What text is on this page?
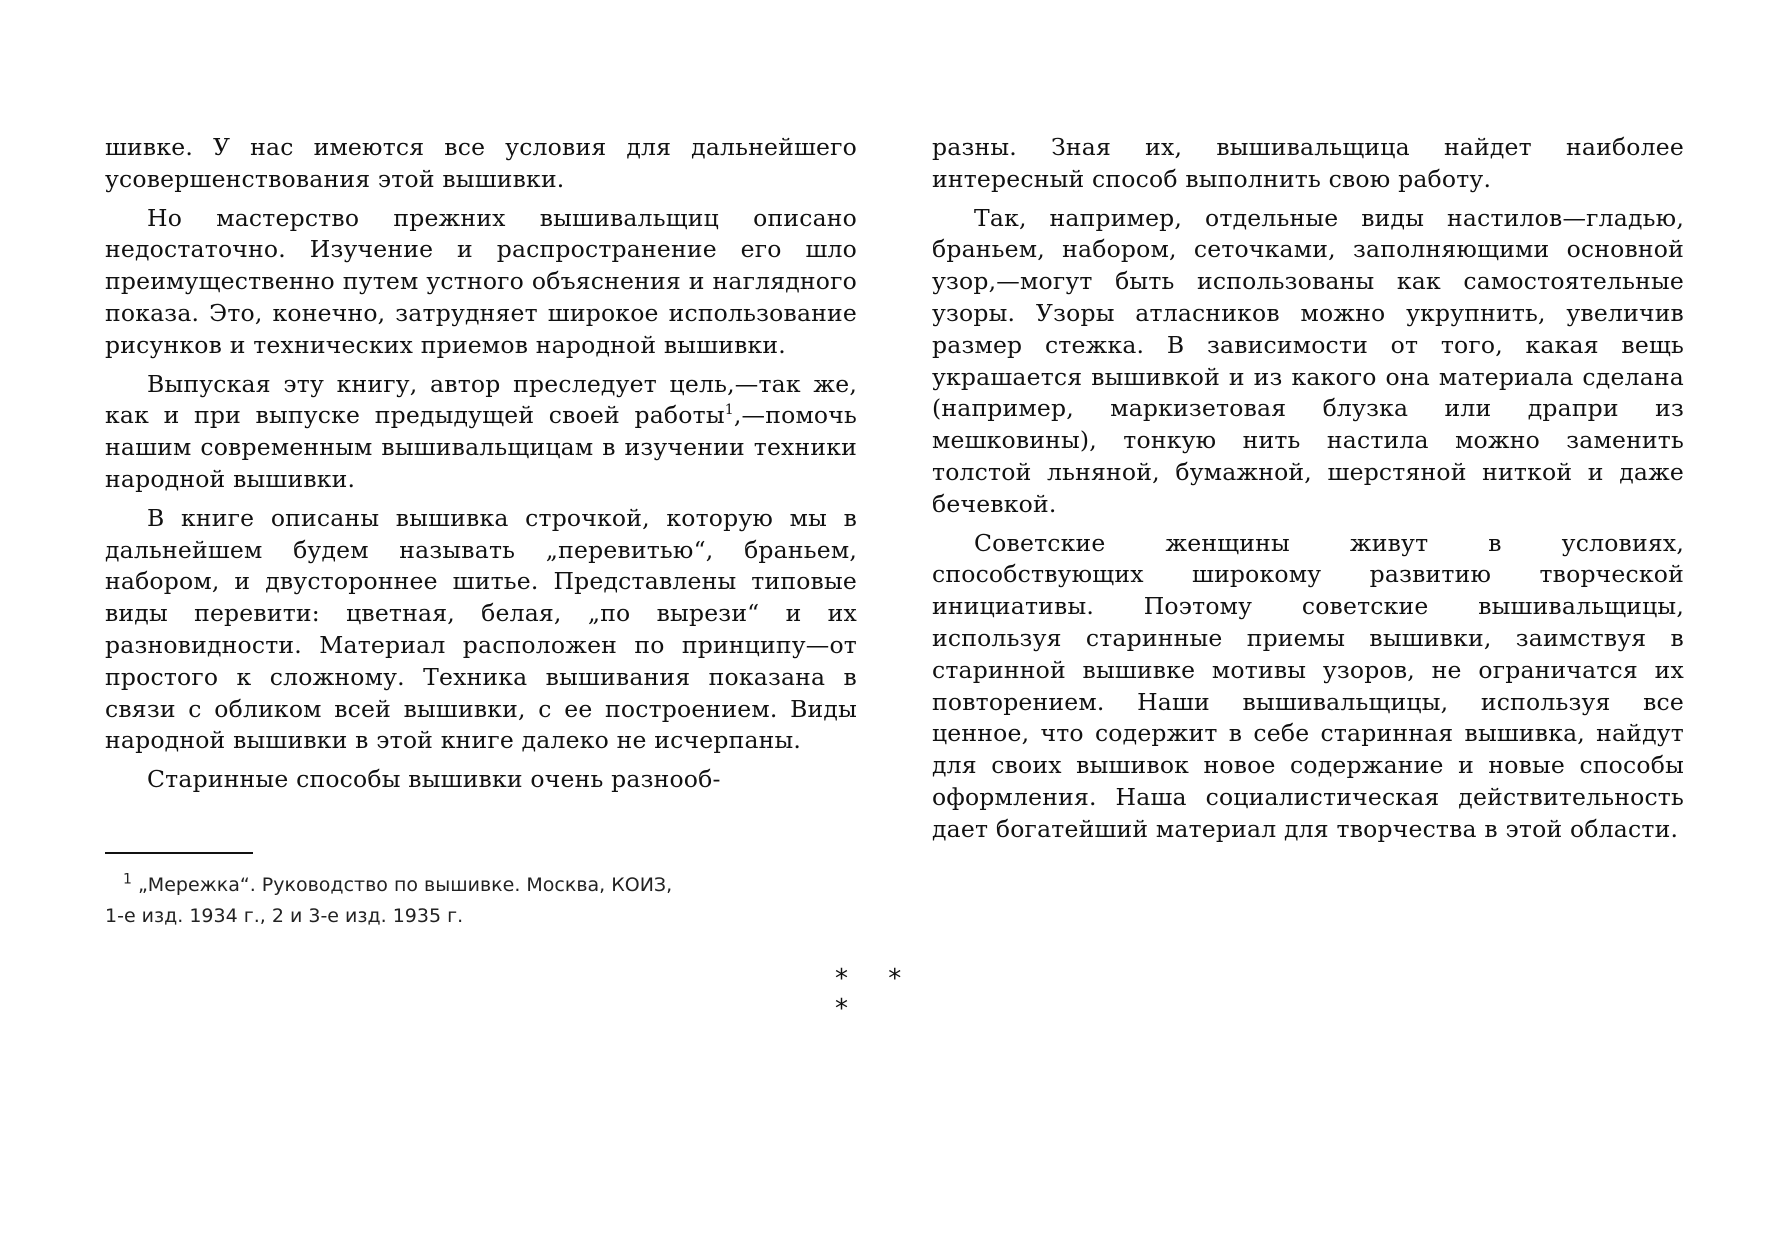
шивке. У нас имеются все условия для дальнейшего усовершенствования этой вышивки.

Но мастерство прежних вышивальщиц описано недостаточно. Изучение и распространение его шло преимущественно путем устного объяснения и наглядного показа. Это, конечно, затрудняет широкое использование рисунков и технических приемов народной вышивки.

Выпуская эту книгу, автор преследует цель,—так же, как и при выпуске предыдущей своей работы$^1$,—помочь нашим современным вышивальщицам в изучении техники народной вышивки.

В книге описаны вышивка строчкой, которую мы в дальнейшем будем называть „перевитью“, браньем, набором, и двустороннее шитье. Представлены типовые виды перевити: цветная, белая, „по вырези“ и их разновидности. Материал расположен по принципу—от простого к сложному. Техника вышивания показана в связи с обликом всей вышивки, с ее построением. Виды народной вышивки в этой книге далеко не исчерпаны.

Старинные способы вышивки очень разнооб-

$^1$ „Мережка“. Руководство по вышивке. Москва, КОИЗ,
1-е изд. 1934 г., 2 и 3-е изд. 1935 г.

разны. Зная их, вышивальщица найдет наиболее интересный способ выполнить свою работу.

Так, например, отдельные виды настилов—гладью, браньем, набором, сеточками, заполняющими основной узор,—могут быть использованы как самостоятельные узоры. Узоры атласников можно укрупнить, увеличив размер стежка. В зависимости от того, какая вещь украшается вышивкой и из какого она материала сделана (например, маркизетовая блузка или драпри из мешковины), тонкую нить настила можно заменить толстой льняной, бумажной, шерстяной ниткой и даже бечевкой.

Советские женщины живут в условиях, способствующих широкому развитию творческой инициативы. Поэтому советские вышивальщицы, используя старинные приемы вышивки, заимствуя в старинной вышивке мотивы узоров, не ограничатся их повторением. Наши вышивальщицы, используя все ценное, что содержит в себе старинная вышивка, найдут для своих вышивок новое содержание и новые способы оформления. Наша социалистическая действительность дает богатейший материал для творчества в этой области.

* * *
